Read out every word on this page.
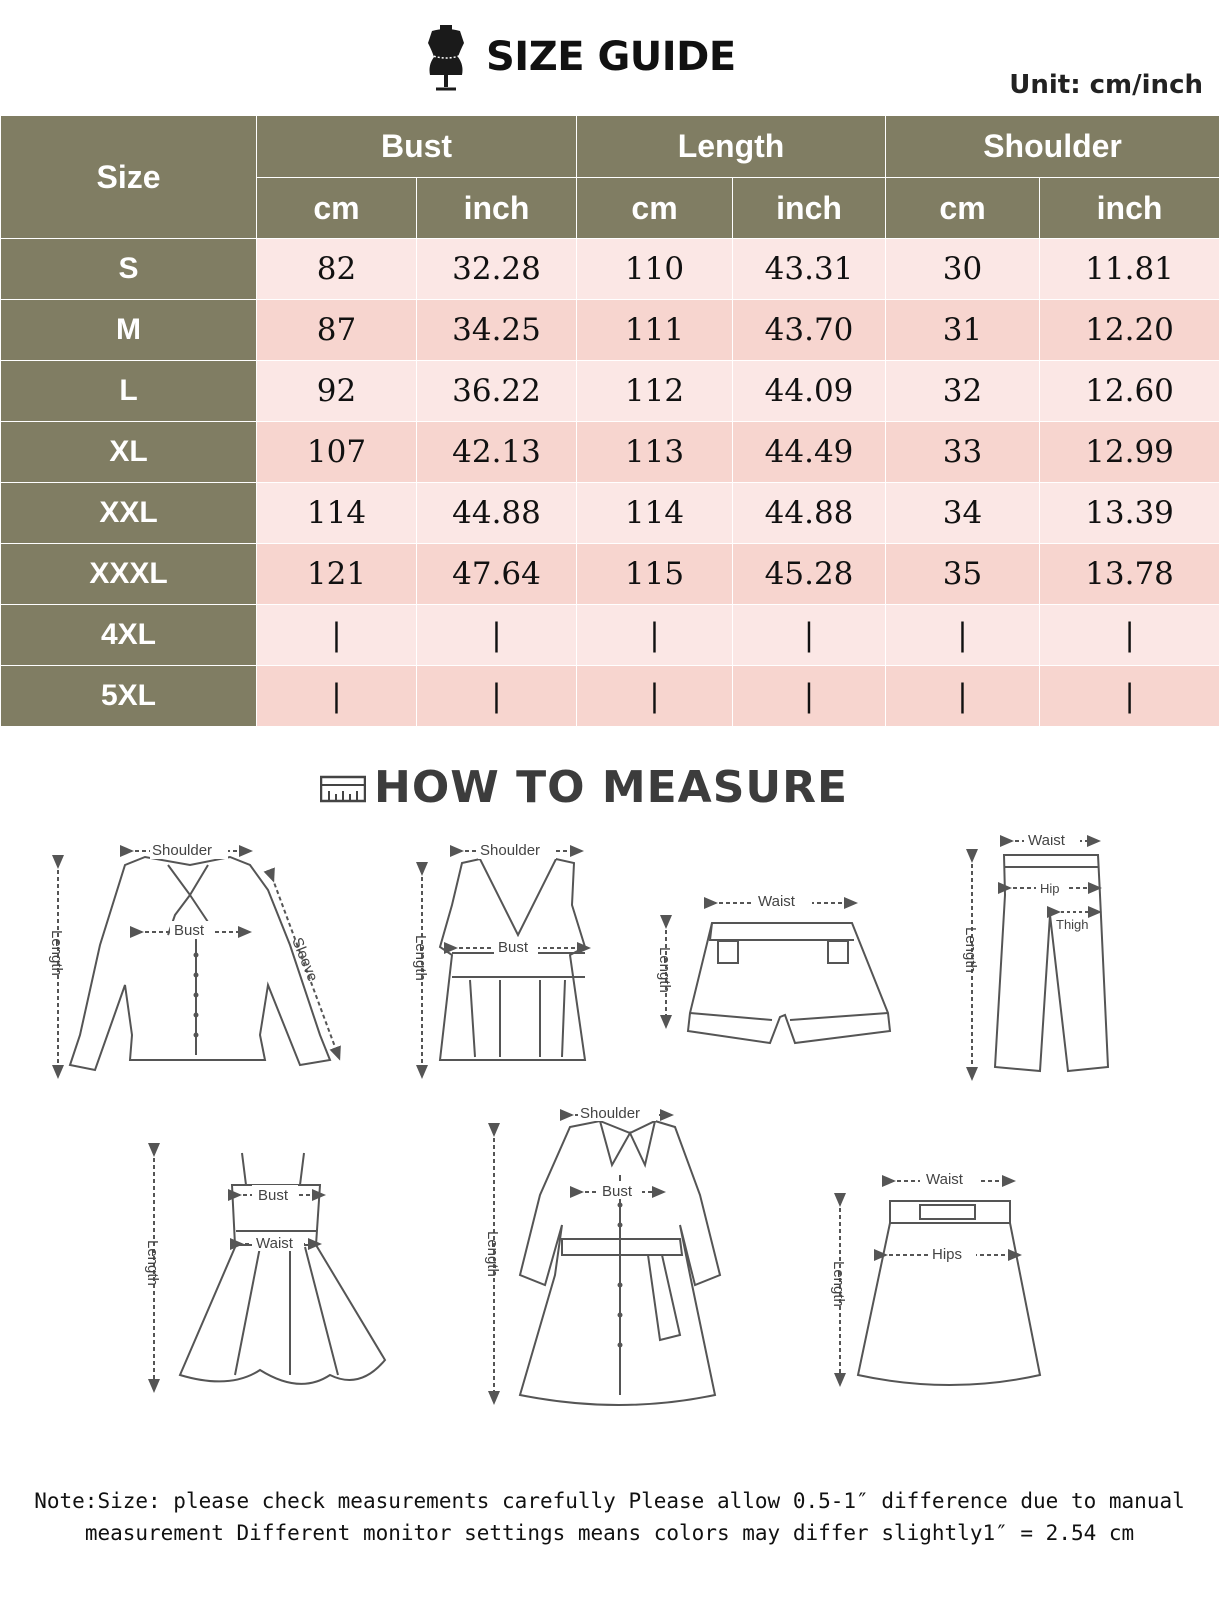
SIZE GUIDE
Unit: cm/inch
Size	Bust		Length		Shoulder	
	cm	inch	cm	inch	cm	inch
S	82	32.28	110	43.31	30	11.81
M	87	34.25	111	43.70	31	12.20
L	92	36.22	112	44.09	32	12.60
XL	107	42.13	113	44.49	33	12.99
XXL	114	44.88	114	44.88	34	13.39
XXXL	121	47.64	115	45.28	35	13.78
4XL	|	|	|	|	|	|
5XL	|	|	|	|	|	|
HOW TO MEASURE
Shoulder
Bust
Length	Sleeve
Shoulder
Bust
Length
Waist
Length
Waist
Hip
Thigh
Length
Bust
Waist
Length
Shoulder
Bust
Length
Waist
Hips
Length
Note:Size: please check measurements carefully Please allow 0.5-1″ difference due to manual measurement Different monitor settings means colors may differ slightly1″ = 2.54 cm
